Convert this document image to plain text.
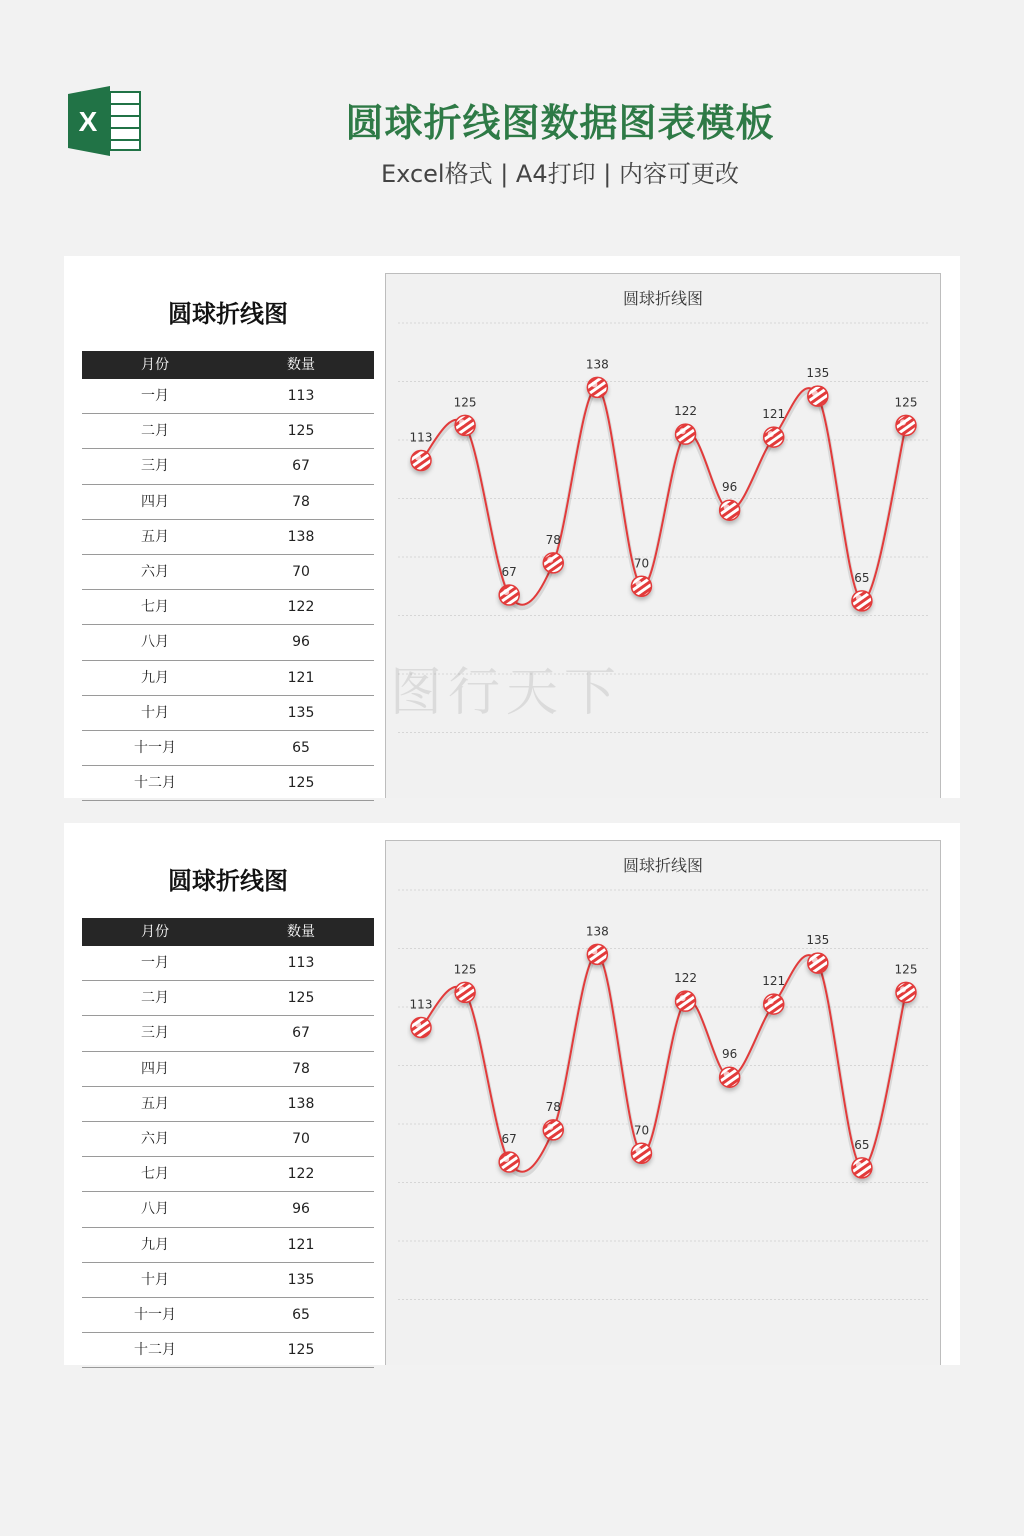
X	圆球折线图数据图表模板
Excel格式 | A4打印 | 内容可更改
圆球折线图
月份	数量
一月	113
二月	125
三月	67
四月	78
五月	138
六月	70
七月	122
八月	96
九月	121
十月	135
十一月	65
十二月	125
圆球折线图
113
125
67
78
138
70
122
96
121
135
65
125
圆球折线图
月份	数量
一月	113
二月	125
三月	67
四月	78
五月	138
六月	70
七月	122
八月	96
九月	121
十月	135
十一月	65
十二月	125
圆球折线图
113
125
67
78
138
70
122
96
121
135
65
125
图行天下
